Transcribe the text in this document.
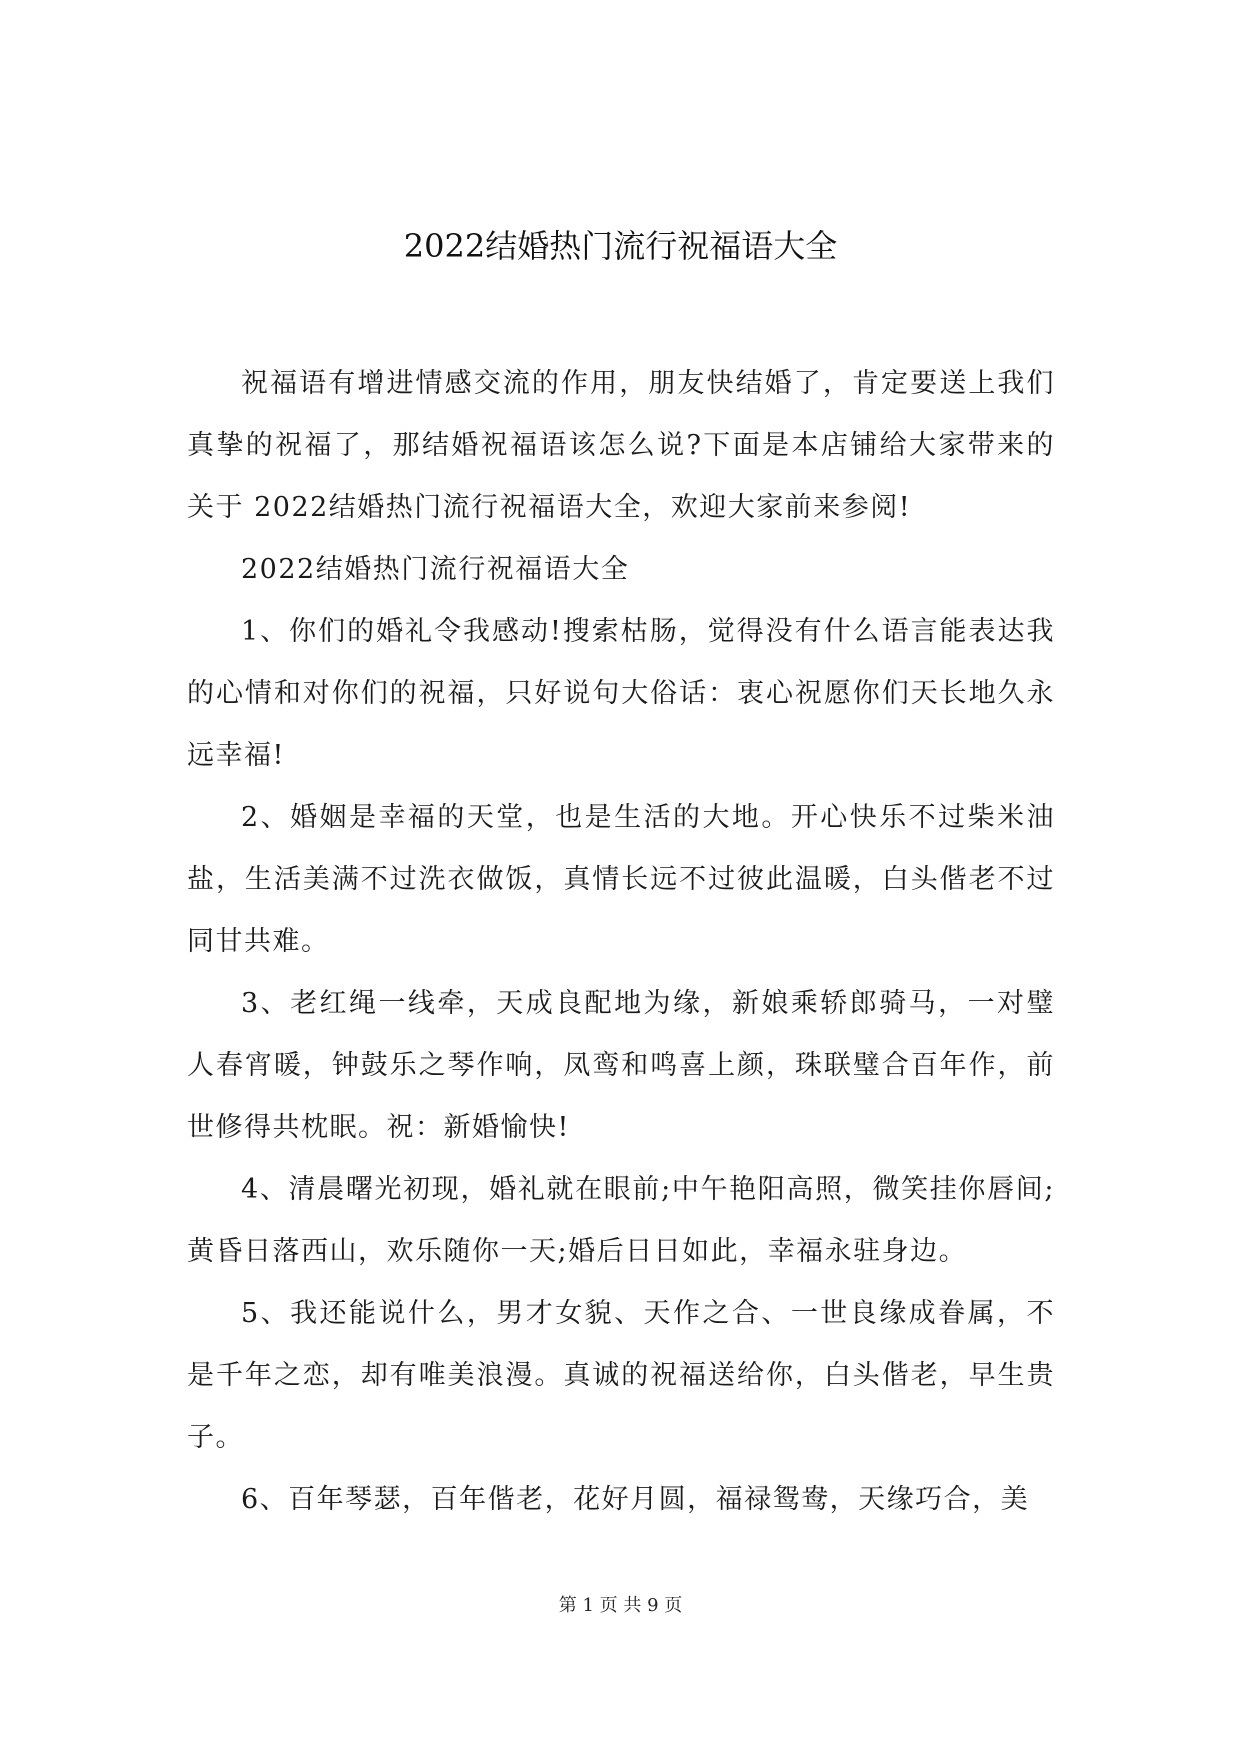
2022结婚热门流行祝福语大全

祝福语有增进情感交流的作用，朋友快结婚了，肯定要送上我们真挚的祝福了，那结婚祝福语该怎么说?下面是本店铺给大家带来的关于 2022结婚热门流行祝福语大全，欢迎大家前来参阅!

2022结婚热门流行祝福语大全

1、你们的婚礼令我感动!搜索枯肠，觉得没有什么语言能表达我的心情和对你们的祝福，只好说句大俗话：衷心祝愿你们天长地久永远幸福!

2、婚姻是幸福的天堂，也是生活的大地。开心快乐不过柴米油盐，生活美满不过洗衣做饭，真情长远不过彼此温暖，白头偕老不过同甘共难。

3、老红绳一线牵，天成良配地为缘，新娘乘轿郎骑马，一对璧人春宵暖，钟鼓乐之琴作响，凤鸾和鸣喜上颜，珠联璧合百年作，前世修得共枕眠。祝：新婚愉快!

4、清晨曙光初现，婚礼就在眼前;中午艳阳高照，微笑挂你唇间;黄昏日落西山，欢乐随你一天;婚后日日如此，幸福永驻身边。

5、我还能说什么，男才女貌、天作之合、一世良缘成眷属，不是千年之恋，却有唯美浪漫。真诚的祝福送给你，白头偕老，早生贵子。

6、百年琴瑟，百年偕老，花好月圆，福禄鸳鸯，天缘巧合，美

第 1 页 共 9 页
